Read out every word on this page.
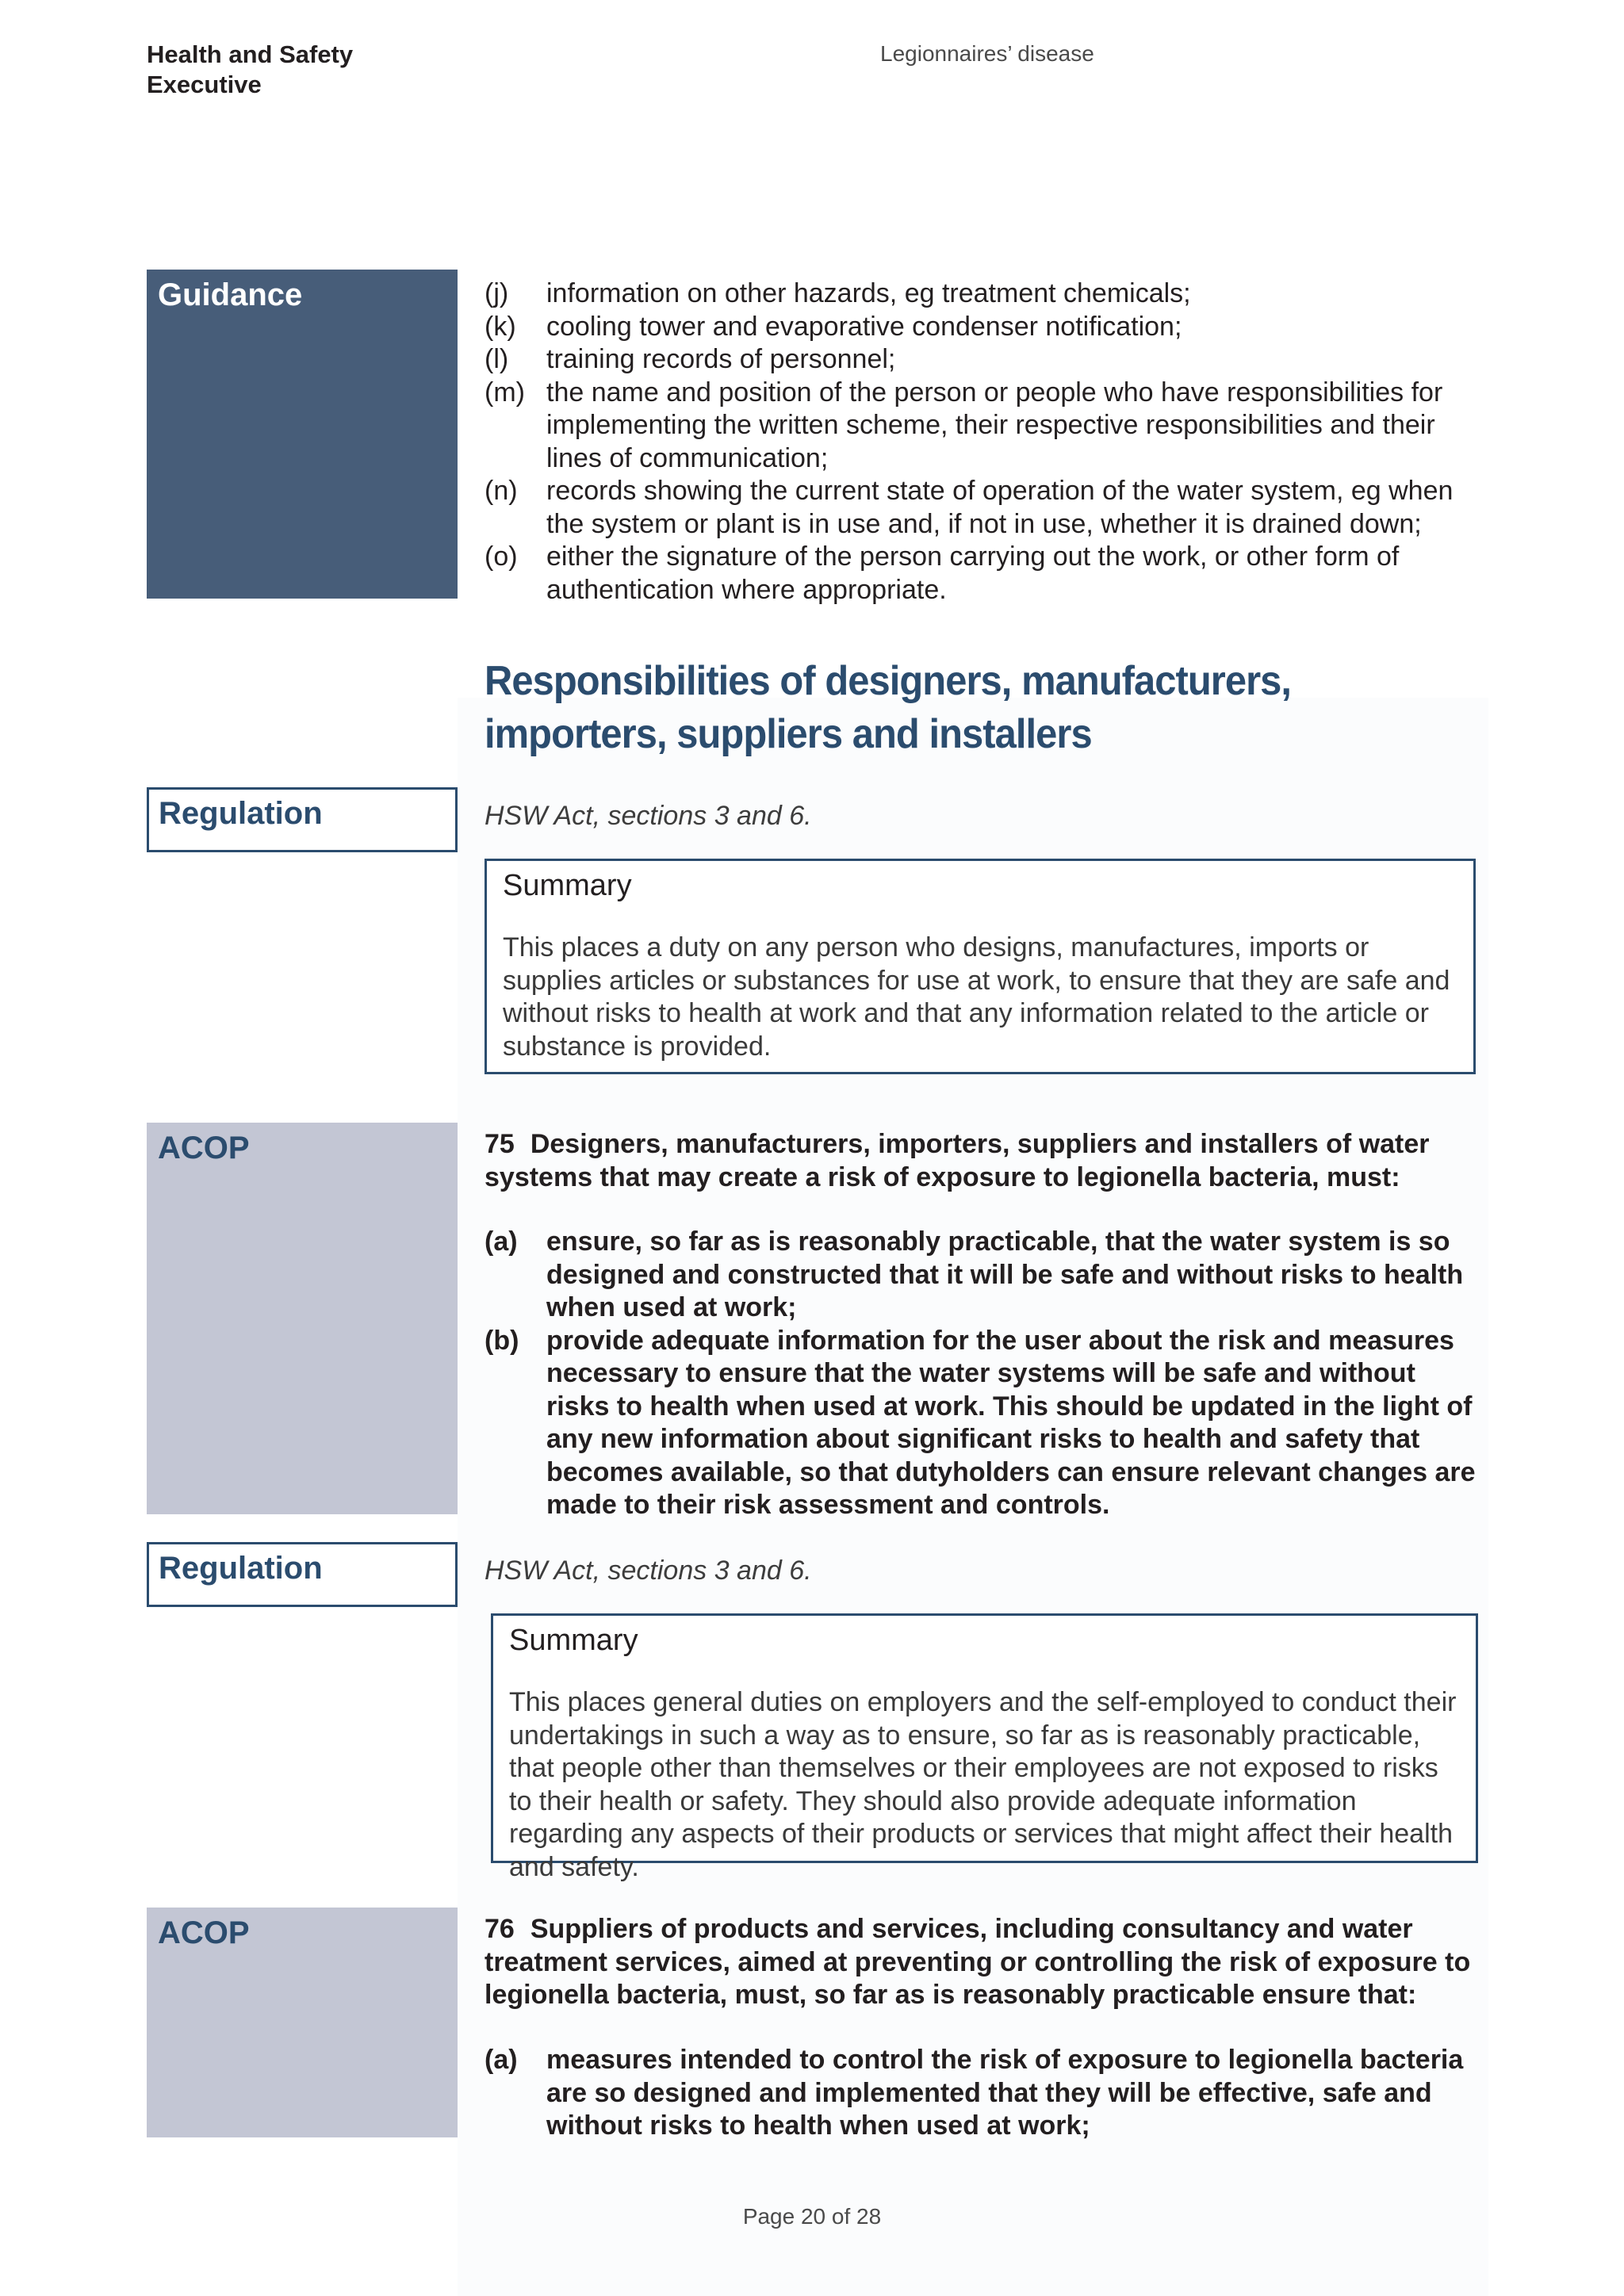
Health and Safety
Executive
Legionnaires’ disease
Guidance
Regulation
ACOP
Regulation
ACOP
(j)	information on other hazards, eg treatment chemicals;
(k)	cooling tower and evaporative condenser notification;
(l)	training records of personnel;
(m) the name and position of the person or people who have responsibilities for implementing the written scheme, their respective responsibilities and their lines of communication;
(n)	records showing the current state of operation of the water system, eg when the system or plant is in use and, if not in use, whether it is drained down;
(o)	either the signature of the person carrying out the work, or other form of authentication where appropriate.
Responsibilities of designers, manufacturers, importers, suppliers and installers
HSW Act, sections 3 and 6.
Summary

This places a duty on any person who designs, manufactures, imports or supplies articles or substances for use at work, to ensure that they are safe and without risks to health at work and that any information related to the article or substance is provided.

75 Designers, manufacturers, importers, suppliers and installers of water systems that may create a risk of exposure to legionella bacteria, must:
(a)	ensure, so far as is reasonably practicable, that the water system is so designed and constructed that it will be safe and without risks to health when used at work;
(b)	provide adequate information for the user about the risk and measures necessary to ensure that the water systems will be safe and without risks to health when used at work. This should be updated in the light of any new information about significant risks to health and safety that becomes available, so that dutyholders can ensure relevant changes are made to their risk assessment and controls.
HSW Act, sections 3 and 6.
Summary

This places general duties on employers and the self-employed to conduct their undertakings in such a way as to ensure, so far as is reasonably practicable, that people other than themselves or their employees are not exposed to risks to their health or safety. They should also provide adequate information regarding any aspects of their products or services that might affect their health and safety.

76 Suppliers of products and services, including consultancy and water treatment services, aimed at preventing or controlling the risk of exposure to legionella bacteria, must, so far as is reasonably practicable ensure that:
(a)	measures intended to control the risk of exposure to legionella bacteria are so designed and implemented that they will be effective, safe and without risks to health when used at work;
Page 20 of 28
